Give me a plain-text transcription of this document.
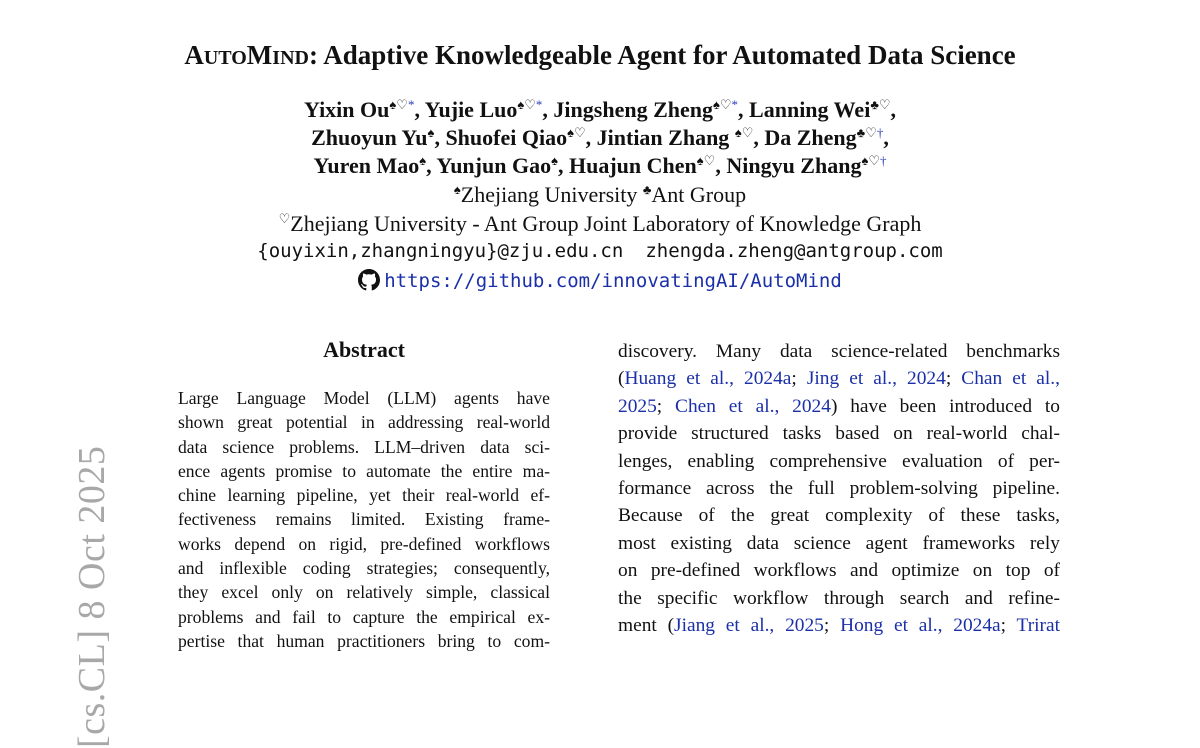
[cs.CL] 8 Oct 2025
AUTOMIND: Adaptive Knowledgeable Agent for Automated Data Science
Yixin Ou♠♡*, Yujie Luo♠♡*, Jingsheng Zheng♠♡*, Lanning Wei♣♡,
Zhuoyun Yu♠, Shuofei Qiao♠♡, Jintian Zhang ♠♡, Da Zheng♣♡†,
Yuren Mao♠, Yunjun Gao♠, Huajun Chen♠♡, Ningyu Zhang♠♡†
♠Zhejiang University ♣Ant Group
♡Zhejiang University - Ant Group Joint Laboratory of Knowledge Graph
{ouyixin,zhangningyu}@zju.edu.cn zhengda.zheng@antgroup.com
https://github.com/innovatingAI/AutoMind
Abstract
Large Language Model (LLM) agents have
shown great potential in addressing real-world
data science problems. LLM–driven data sci-
ence agents promise to automate the entire ma-
chine learning pipeline, yet their real-world ef-
fectiveness remains limited. Existing frame-
works depend on rigid, pre-defined workflows
and inflexible coding strategies; consequently,
they excel only on relatively simple, classical
problems and fail to capture the empirical ex-
pertise that human practitioners bring to com-
discovery. Many data science-related benchmarks
(Huang et al., 2024a; Jing et al., 2024; Chan et al.,
2025; Chen et al., 2024) have been introduced to
provide structured tasks based on real-world chal-
lenges, enabling comprehensive evaluation of per-
formance across the full problem-solving pipeline.
Because of the great complexity of these tasks,
most existing data science agent frameworks rely
on pre-defined workflows and optimize on top of
the specific workflow through search and refine-
ment (Jiang et al., 2025; Hong et al., 2024a; Trirat
